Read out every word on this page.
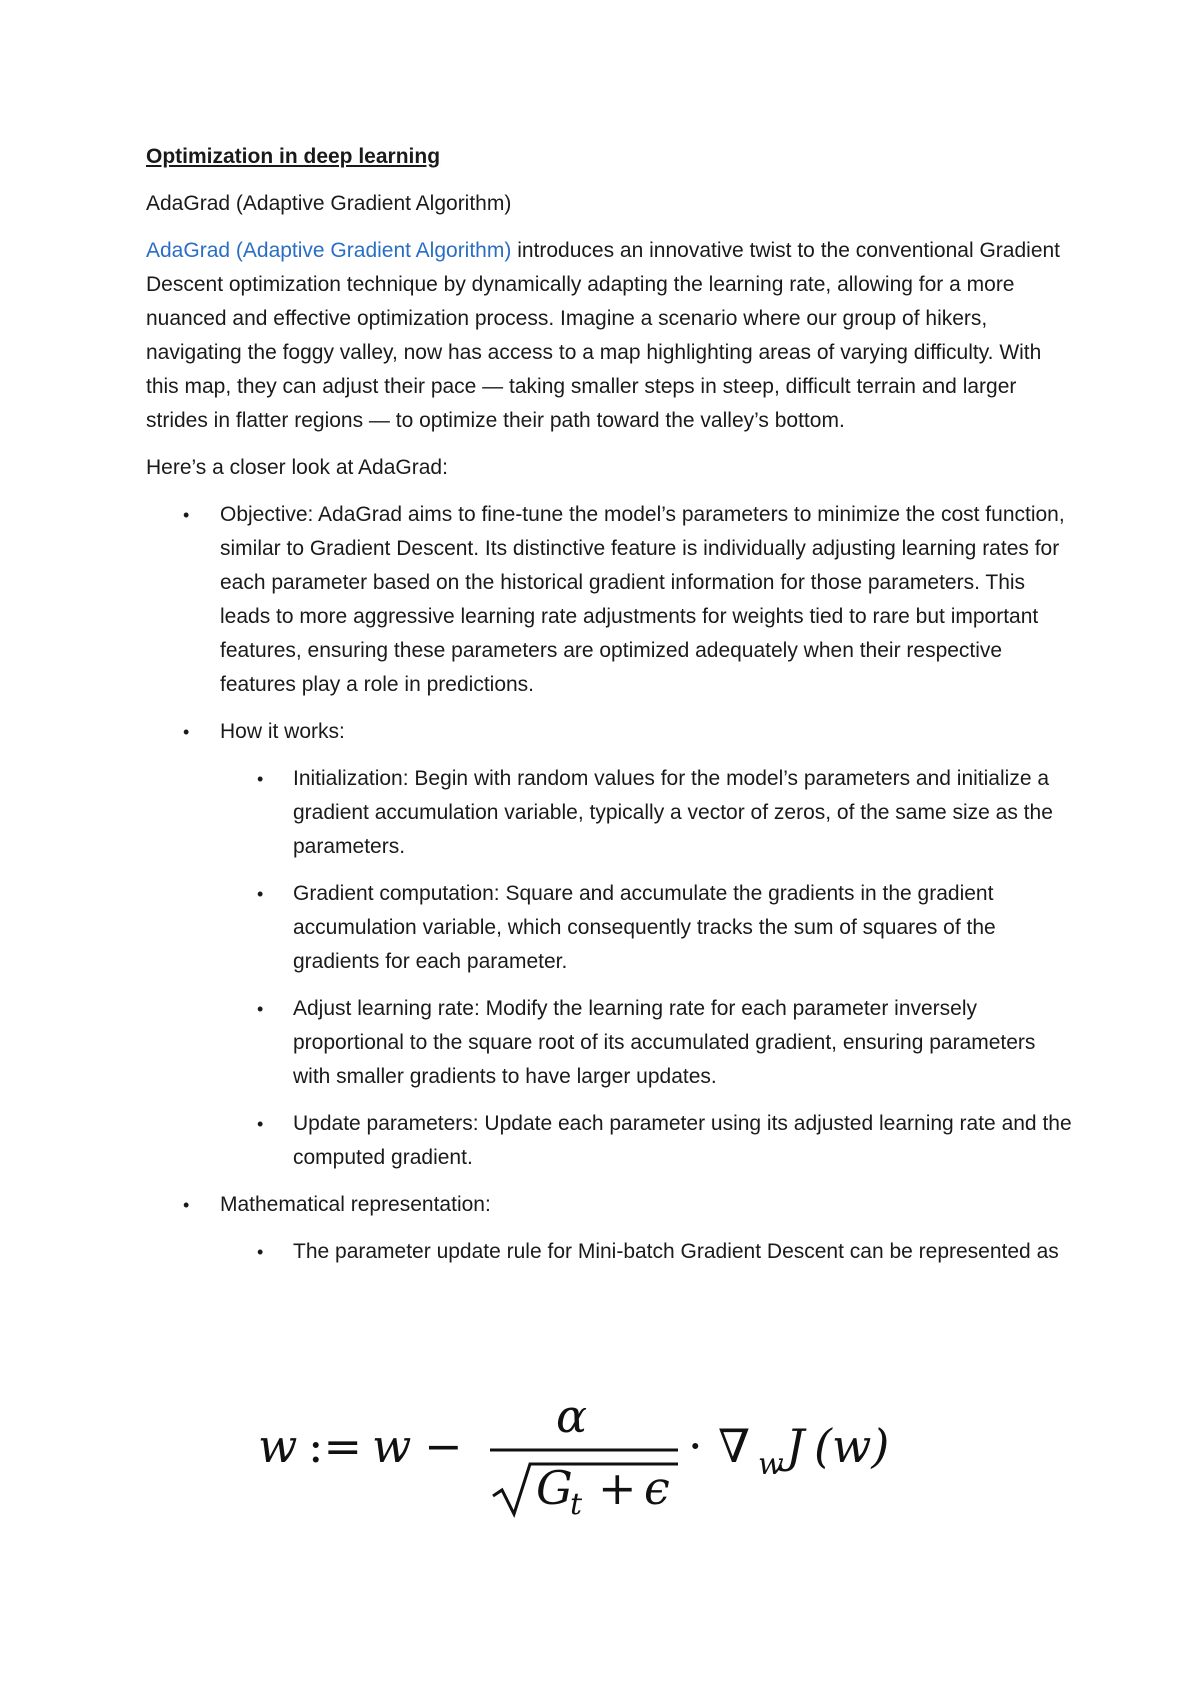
Optimization in deep learning
AdaGrad (Adaptive Gradient Algorithm)

AdaGrad (Adaptive Gradient Algorithm) introduces an innovative twist to the conventional Gradient Descent optimization technique by dynamically adapting the learning rate, allowing for a more nuanced and effective optimization process. Imagine a scenario where our group of hikers, navigating the foggy valley, now has access to a map highlighting areas of varying difficulty. With this map, they can adjust their pace — taking smaller steps in steep, difficult terrain and larger strides in flatter regions — to optimize their path toward the valley’s bottom.

Here’s a closer look at AdaGrad:

• Objective: AdaGrad aims to fine-tune the model’s parameters to minimize the cost function, similar to Gradient Descent. Its distinctive feature is individually adjusting learning rates for each parameter based on the historical gradient information for those parameters. This leads to more aggressive learning rate adjustments for weights tied to rare but important features, ensuring these parameters are optimized adequately when their respective features play a role in predictions.
• How it works:
• Initialization: Begin with random values for the model’s parameters and initialize a gradient accumulation variable, typically a vector of zeros, of the same size as the parameters.
• Gradient computation: Square and accumulate the gradients in the gradient accumulation variable, which consequently tracks the sum of squares of the gradients for each parameter.
• Adjust learning rate: Modify the learning rate for each parameter inversely proportional to the square root of its accumulated gradient, ensuring parameters with smaller gradients to have larger updates.
• Update parameters: Update each parameter using its adjusted learning rate and the computed gradient.
• Mathematical representation:
• The parameter update rule for Mini-batch Gradient Descent can be represented as
w := w −
α
G
t + ϵ
· ∇ w J (w)
